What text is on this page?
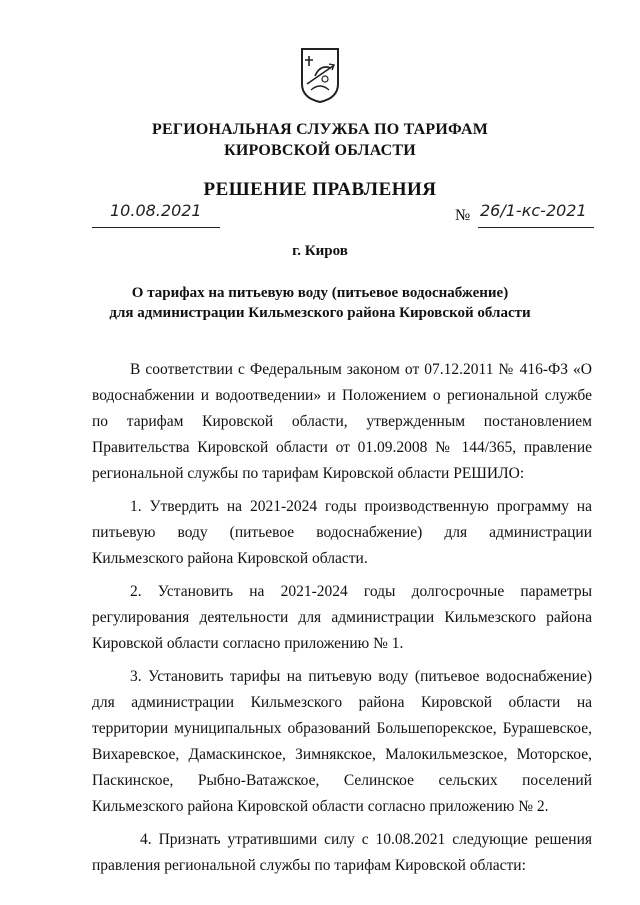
РЕГИОНАЛЬНАЯ СЛУЖБА ПО ТАРИФАМ
КИРОВСКОЙ ОБЛАСТИ
РЕШЕНИЕ ПРАВЛЕНИЯ
10.08.2021	№ 26/1-кс-2021
г. Киров
О тарифах на питьевую воду (питьевое водоснабжение)
для администрации Кильмезского района Кировской области

В соответствии с Федеральным законом от 07.12.2011 № 416-ФЗ «О водоснабжении и водоотведении» и Положением о региональной службе по тарифам Кировской области, утвержденным постановлением Правительства Кировской области от 01.09.2008 № 144/365, правление региональной службы по тарифам Кировской области РЕШИЛО:

1. Утвердить на 2021-2024 годы производственную программу на питьевую воду (питьевое водоснабжение) для администрации Кильмезского района Кировской области.

2. Установить на 2021-2024 годы долгосрочные параметры регулирования деятельности для администрации Кильмезского района Кировской области согласно приложению № 1.

3. Установить тарифы на питьевую воду (питьевое водоснабжение) для администрации Кильмезского района Кировской области на территории муниципальных образований Большепорекское, Бурашевское, Вихаревское, Дамаскинское, Зимнякское, Малокильмезское, Моторское, Паскинское, Рыбно-Ватажское, Селинское сельских поселений Кильмезского района Кировской области согласно приложению № 2.

4. Признать утратившими силу с 10.08.2021 следующие решения правления региональной службы по тарифам Кировской области:
